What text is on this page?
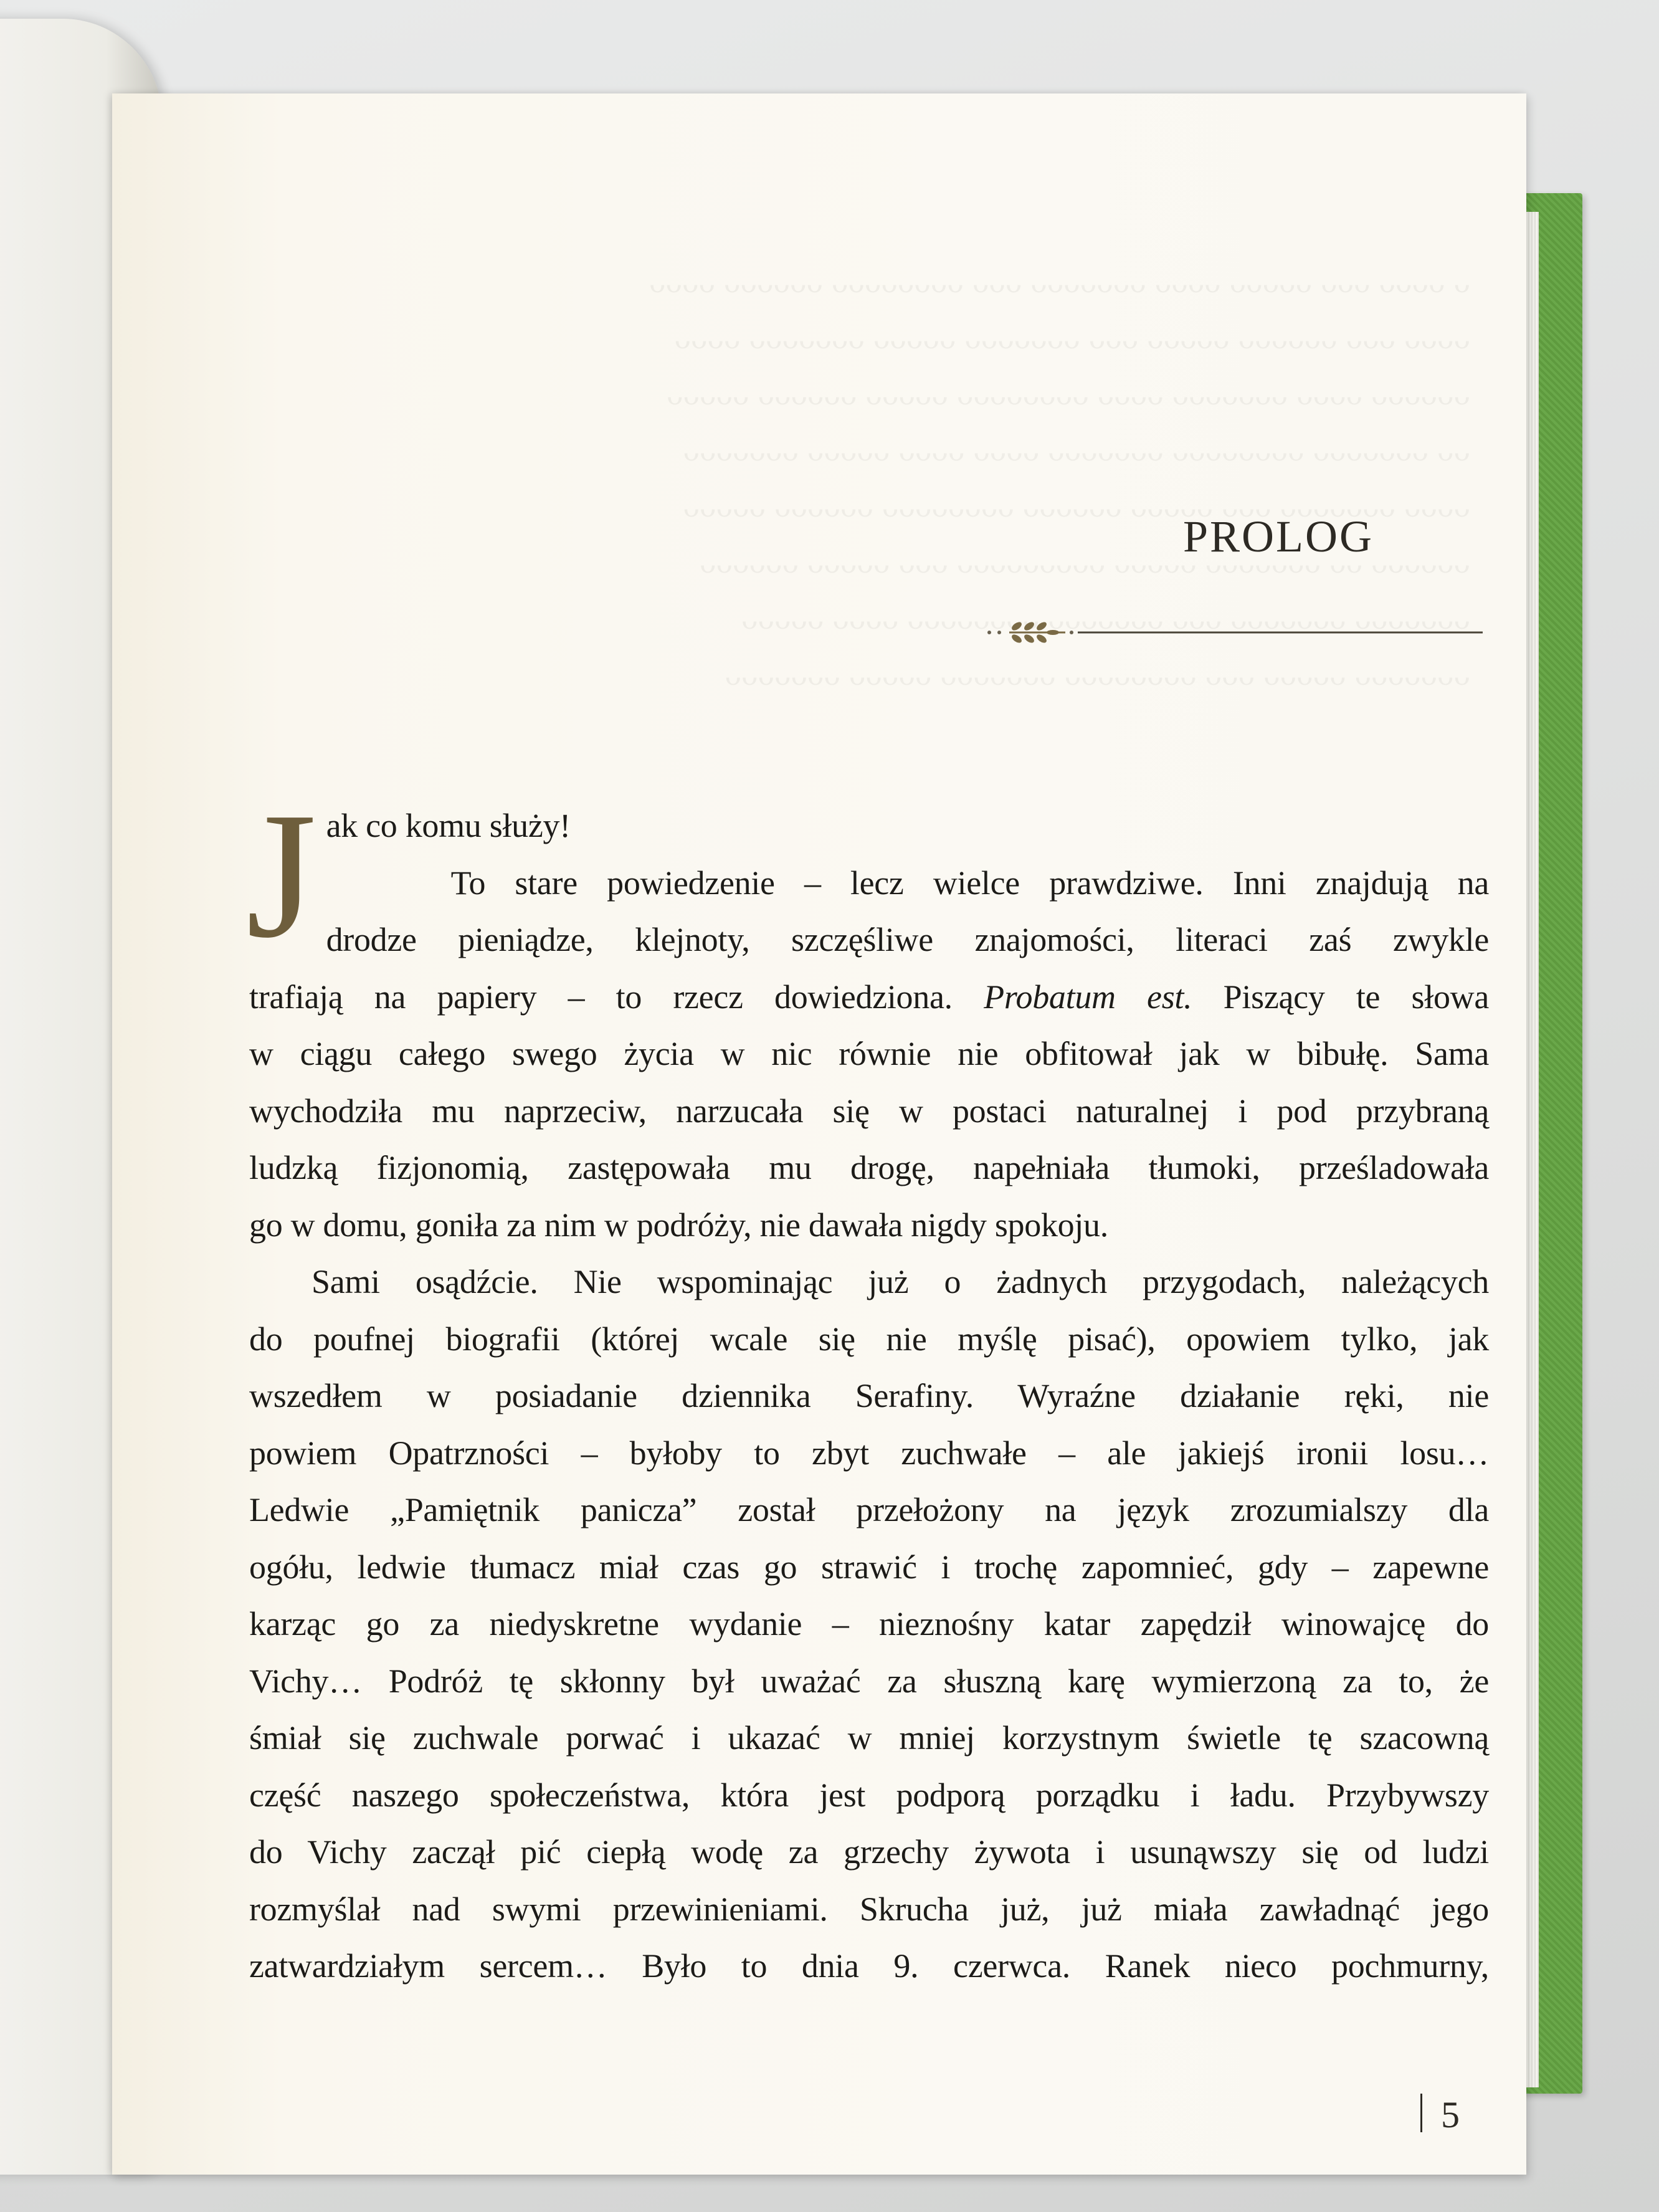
PROLOG

Jak co komu służy!

To stare powiedzenie – lecz wielce prawdziwe. Inni znajdują na
drodze pieniądze, klejnoty, szczęśliwe znajomości, literaci zaś zwykle
trafiają na papiery – to rzecz dowiedziona. Probatum est. Piszący te słowa
w ciągu całego swego życia w nic równie nie obfitował jak w bibułę. Sama
wychodziła mu naprzeciw, narzucała się w postaci naturalnej i pod przybraną
ludzką fizjonomią, zastępowała mu drogę, napełniała tłumoki, prześladowała
go w domu, goniła za nim w podróży, nie dawała nigdy spokoju.

Sami osądźcie. Nie wspominając już o żadnych przygodach, należących
do poufnej biografii (której wcale się nie myślę pisać), opowiem tylko, jak
wszedłem w posiadanie dziennika Serafiny. Wyraźne działanie ręki, nie
powiem Opatrzności – byłoby to zbyt zuchwałe – ale jakiejś ironii losu…
Ledwie „Pamiętnik panicza” został przełożony na język zrozumialszy dla
ogółu, ledwie tłumacz miał czas go strawić i trochę zapomnieć, gdy – zapewne
karząc go za niedyskretne wydanie – nieznośny katar zapędził winowajcę do
Vichy… Podróż tę skłonny był uważać za słuszną karę wymierzoną za to, że
śmiał się zuchwale porwać i ukazać w mniej korzystnym świetle tę szacowną
część naszego społeczeństwa, która jest podporą porządku i ładu. Przybywszy
do Vichy zaczął pić ciepłą wodę za grzechy żywota i usunąwszy się od ludzi
rozmyślał nad swymi przewinieniami. Skrucha już, już miała zawładnąć jego
zatwardziałym sercem… Było to dnia 9. czerwca. Ranek nieco pochmurny,

5
